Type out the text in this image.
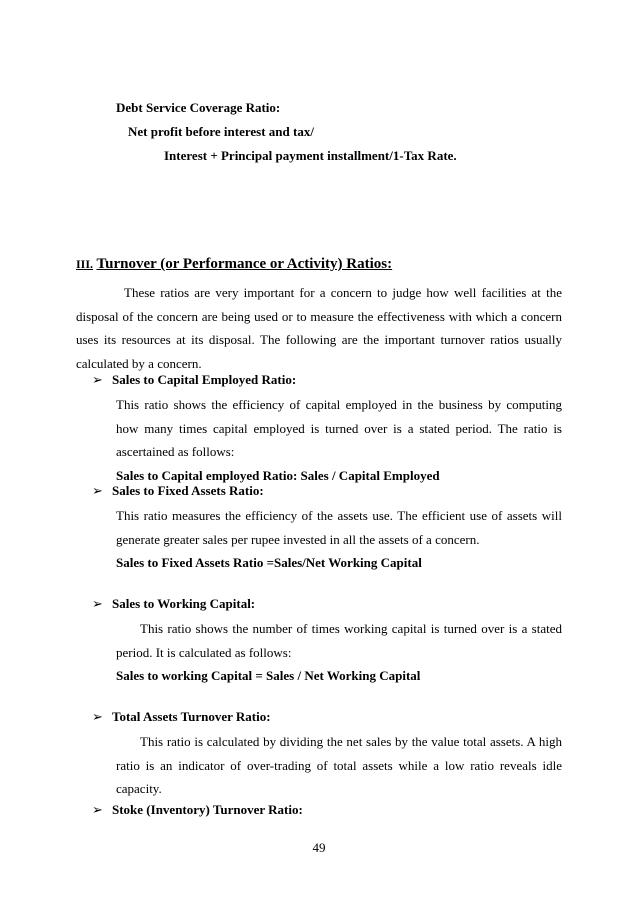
Debt Service Coverage Ratio:
Net profit before interest and tax/
Interest + Principal payment installment/1-Tax Rate.
III. Turnover (or Performance or Activity) Ratios:
These ratios are very important for a concern to judge how well facilities at the disposal of the concern are being used or to measure the effectiveness with which a concern uses its resources at its disposal. The following are the important turnover ratios usually calculated by a concern.
➢ Sales to Capital Employed Ratio:
This ratio shows the efficiency of capital employed in the business by computing how many times capital employed is turned over is a stated period. The ratio is ascertained as follows:
Sales to Capital employed Ratio: Sales / Capital Employed
➢ Sales to Fixed Assets Ratio:
This ratio measures the efficiency of the assets use. The efficient use of assets will generate greater sales per rupee invested in all the assets of a concern.
Sales to Fixed Assets Ratio =Sales/Net Working Capital
➢ Sales to Working Capital:
This ratio shows the number of times working capital is turned over is a stated period. It is calculated as follows:
Sales to working Capital = Sales / Net Working Capital
➢ Total Assets Turnover Ratio:
This ratio is calculated by dividing the net sales by the value total assets. A high ratio is an indicator of over-trading of total assets while a low ratio reveals idle capacity.
➢ Stoke (Inventory) Turnover Ratio:
49
